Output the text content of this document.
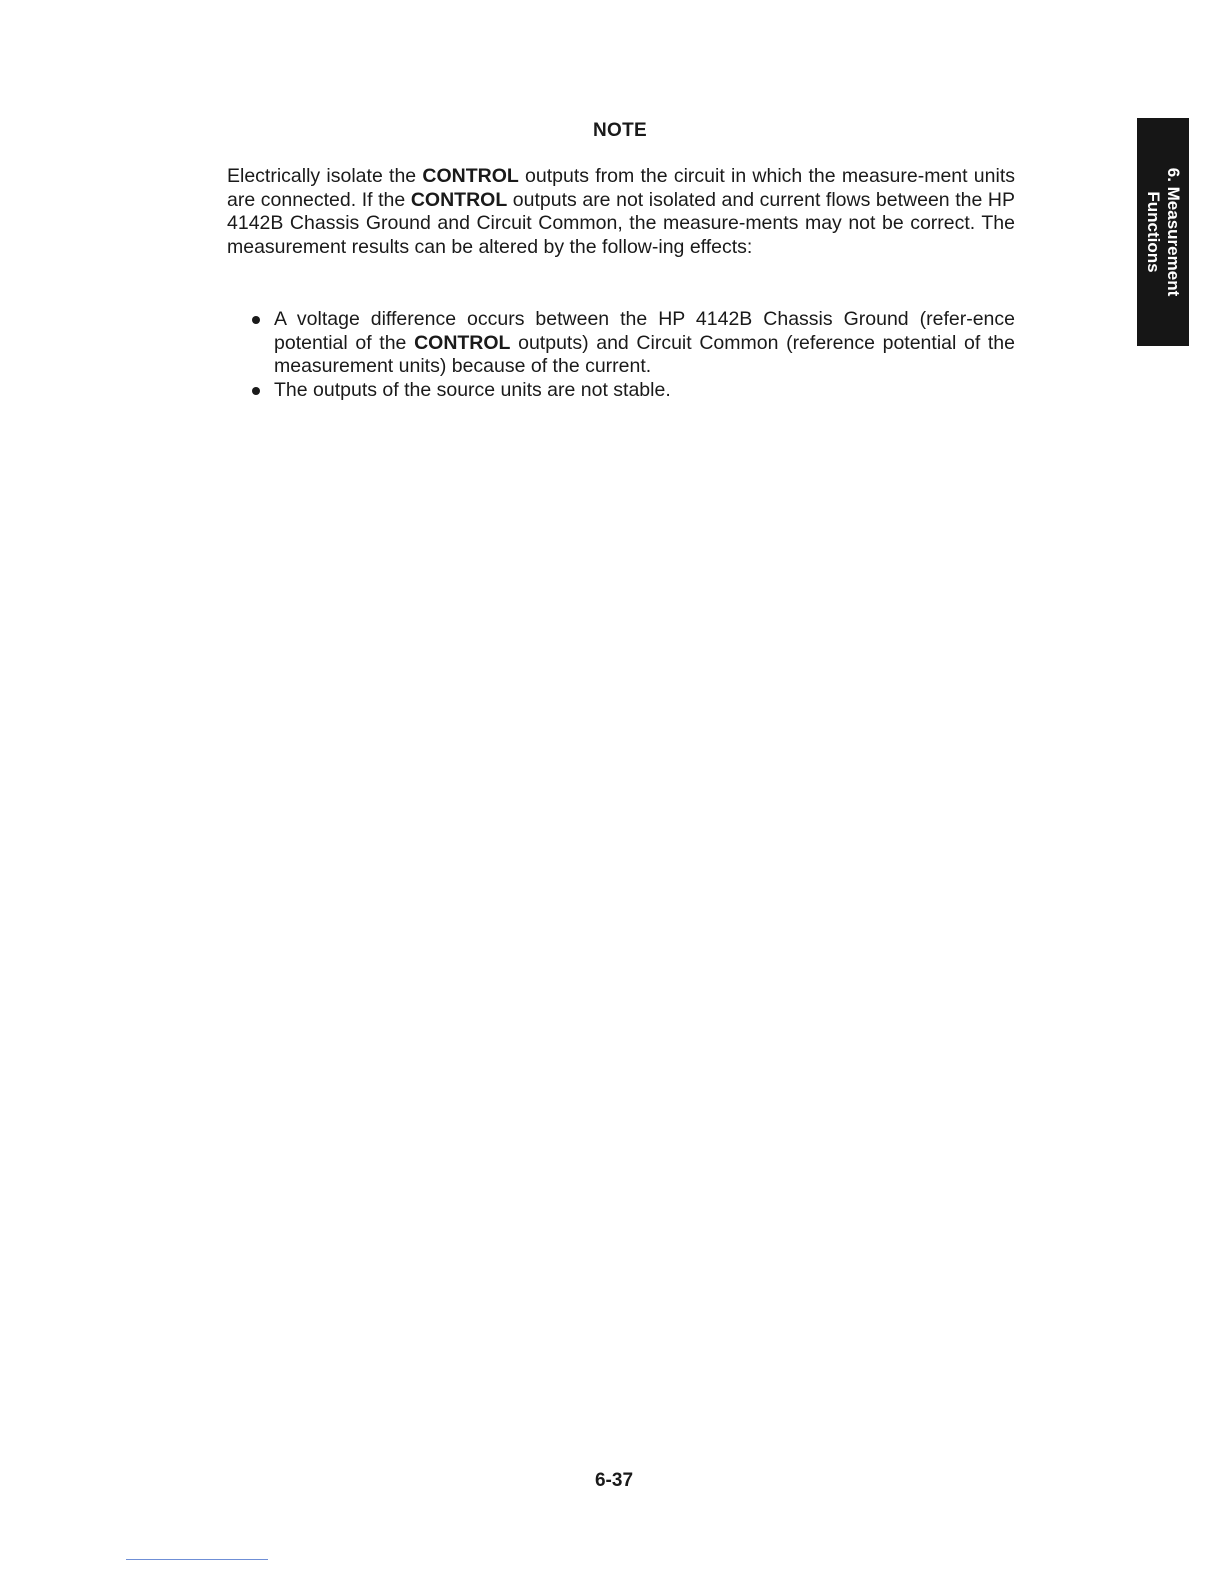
NOTE

Electrically isolate the CONTROL outputs from the circuit in which the measure-ment units are connected. If the CONTROL outputs are not isolated and current flows between the HP 4142B Chassis Ground and Circuit Common, the measure-ments may not be correct. The measurement results can be altered by the follow-ing effects:

A voltage difference occurs between the HP 4142B Chassis Ground (refer-ence potential of the CONTROL outputs) and Circuit Common (reference potential of the measurement units) because of the current.
The outputs of the source units are not stable.
6. Measurement
Functions
6-37
